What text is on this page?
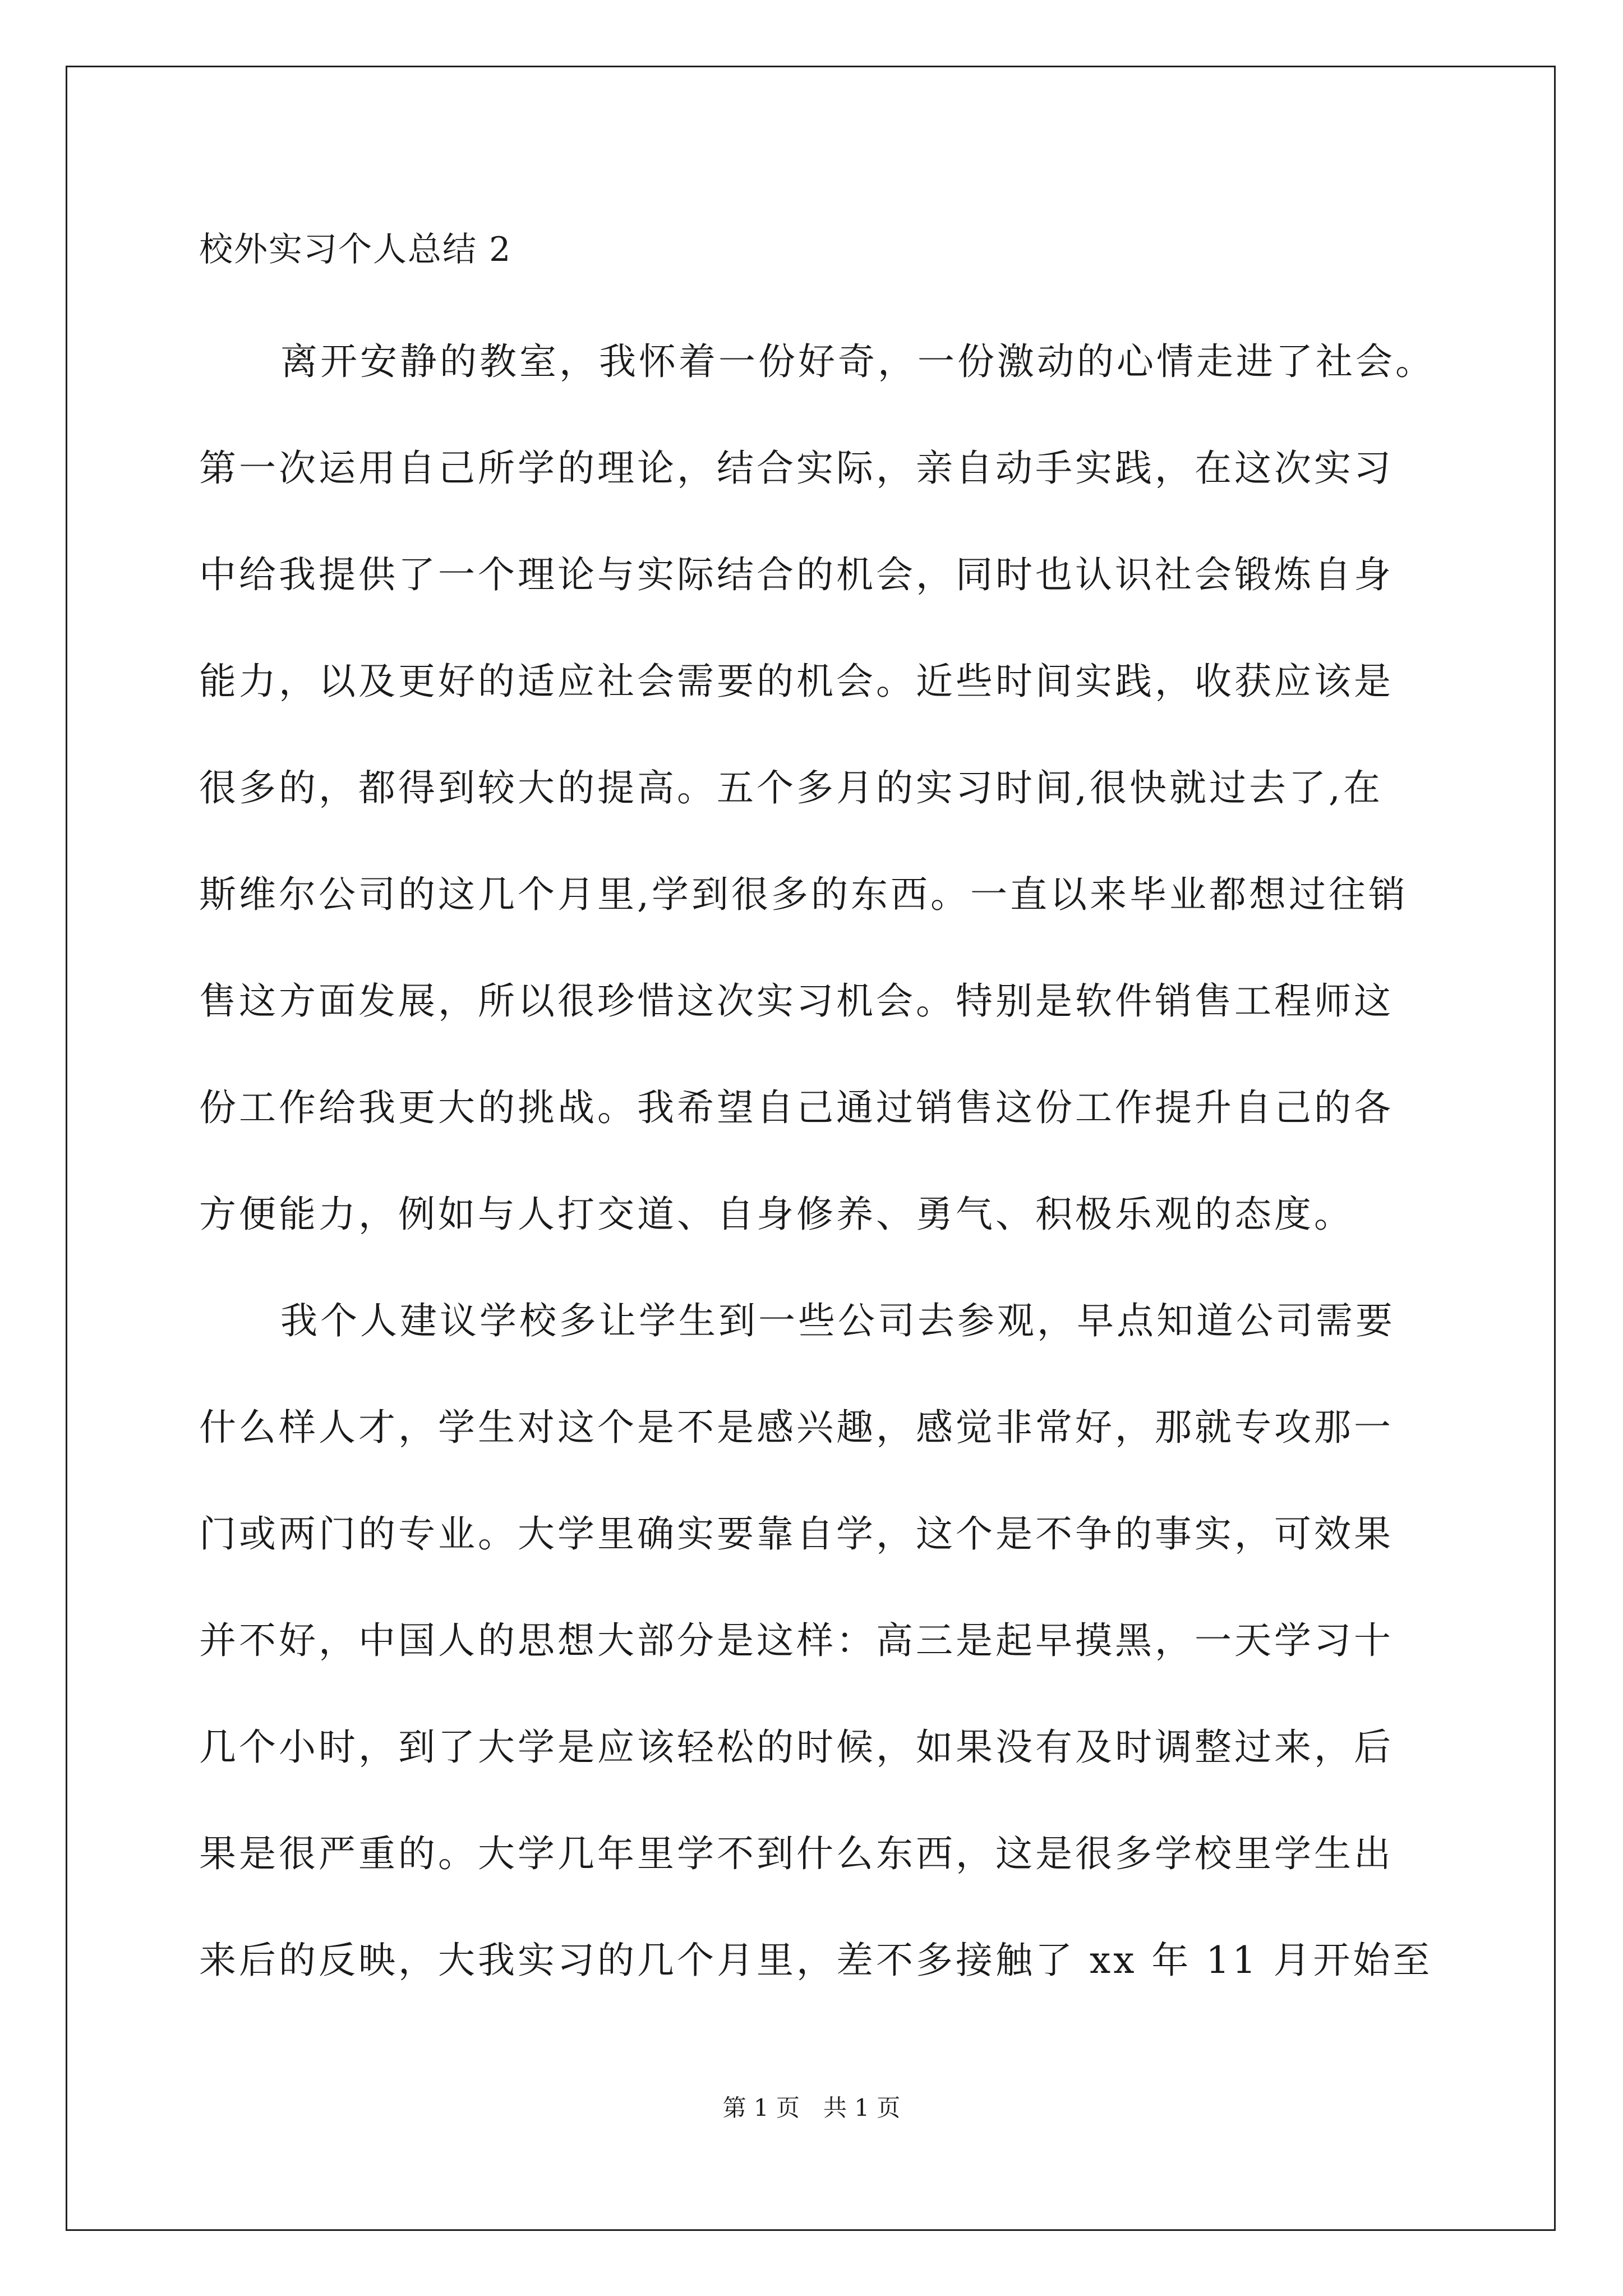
校外实习个人总结 2
离开安静的教室，我怀着一份好奇，一份激动的心情走进了社会。
第一次运用自己所学的理论，结合实际，亲自动手实践，在这次实习
中给我提供了一个理论与实际结合的机会，同时也认识社会锻炼自身
能力，以及更好的适应社会需要的机会。近些时间实践，收获应该是
很多的，都得到较大的提高。五个多月的实习时间,很快就过去了,在
斯维尔公司的这几个月里,学到很多的东西。一直以来毕业都想过往销
售这方面发展，所以很珍惜这次实习机会。特别是软件销售工程师这
份工作给我更大的挑战。我希望自己通过销售这份工作提升自己的各
方便能力，例如与人打交道、自身修养、勇气、积极乐观的态度。
我个人建议学校多让学生到一些公司去参观，早点知道公司需要
什么样人才，学生对这个是不是感兴趣，感觉非常好，那就专攻那一
门或两门的专业。大学里确实要靠自学，这个是不争的事实，可效果
并不好，中国人的思想大部分是这样：高三是起早摸黑，一天学习十
几个小时，到了大学是应该轻松的时候，如果没有及时调整过来，后
果是很严重的。大学几年里学不到什么东西，这是很多学校里学生出
来后的反映，大我实习的几个月里，差不多接触了 xx 年 11 月开始至
第 1 页　共 1 页
